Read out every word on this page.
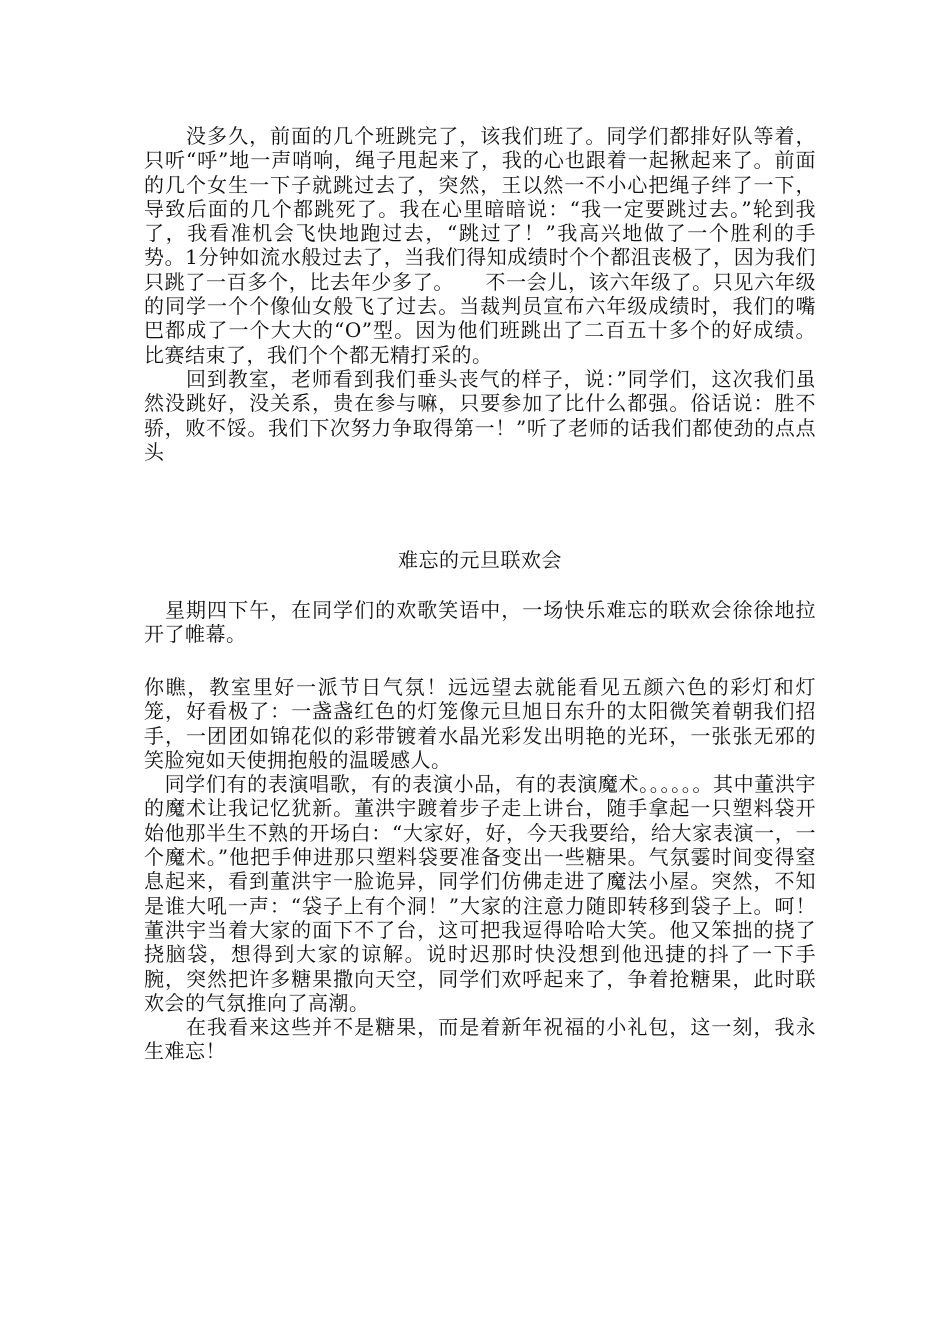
　　没多久，前面的几个班跳完了，该我们班了。同学们都排好队等着，只听“呼”地一声哨响，绳子甩起来了，我的心也跟着一起揪起来了。前面的几个女生一下子就跳过去了，突然，王以然一不小心把绳子绊了一下，导致后面的几个都跳死了。我在心里暗暗说：“我一定要跳过去。”轮到我了，我看准机会飞快地跑过去，“跳过了！”我高兴地做了一个胜利的手势。1分钟如流水般过去了，当我们得知成绩时个个都沮丧极了，因为我们只跳了一百多个，比去年少多了。　　不一会儿，该六年级了。只见六年级的同学一个个像仙女般飞了过去。当裁判员宣布六年级成绩时，我们的嘴巴都成了一个大大的“O”型。因为他们班跳出了二百五十多个的好成绩。比赛结束了，我们个个都无精打采的。

　　回到教室，老师看到我们垂头丧气的样子，说：”同学们，这次我们虽然没跳好，没关系，贵在参与嘛，只要参加了比什么都强。俗话说：胜不骄，败不馁。我们下次努力争取得第一！”听了老师的话我们都使劲的点点头

难忘的元旦联欢会

　星期四下午，在同学们的欢歌笑语中，一场快乐难忘的联欢会徐徐地拉开了帷幕。

你瞧，教室里好一派节日气氛！远远望去就能看见五颜六色的彩灯和灯笼，好看极了：一盏盏红色的灯笼像元旦旭日东升的太阳微笑着朝我们招手，一团团如锦花似的彩带镀着水晶光彩发出明艳的光环，一张张无邪的笑脸宛如天使拥抱般的温暖感人。

　同学们有的表演唱歌，有的表演小品，有的表演魔术。。。。。。其中董洪宇的魔术让我记忆犹新。董洪宇踱着步子走上讲台，随手拿起一只塑料袋开始他那半生不熟的开场白：“大家好，好，今天我要给，给大家表演一，一个魔术。”他把手伸进那只塑料袋要准备变出一些糖果。气氛霎时间变得窒息起来，看到董洪宇一脸诡异，同学们仿佛走进了魔法小屋。突然，不知是谁大吼一声：“袋子上有个洞！”大家的注意力随即转移到袋子上。呵！董洪宇当着大家的面下不了台，这可把我逗得哈哈大笑。他又笨拙的挠了挠脑袋，想得到大家的谅解。说时迟那时快没想到他迅捷的抖了一下手腕，突然把许多糖果撒向天空，同学们欢呼起来了，争着抢糖果，此时联欢会的气氛推向了高潮。

　　在我看来这些并不是糖果，而是着新年祝福的小礼包，这一刻，我永生难忘！
